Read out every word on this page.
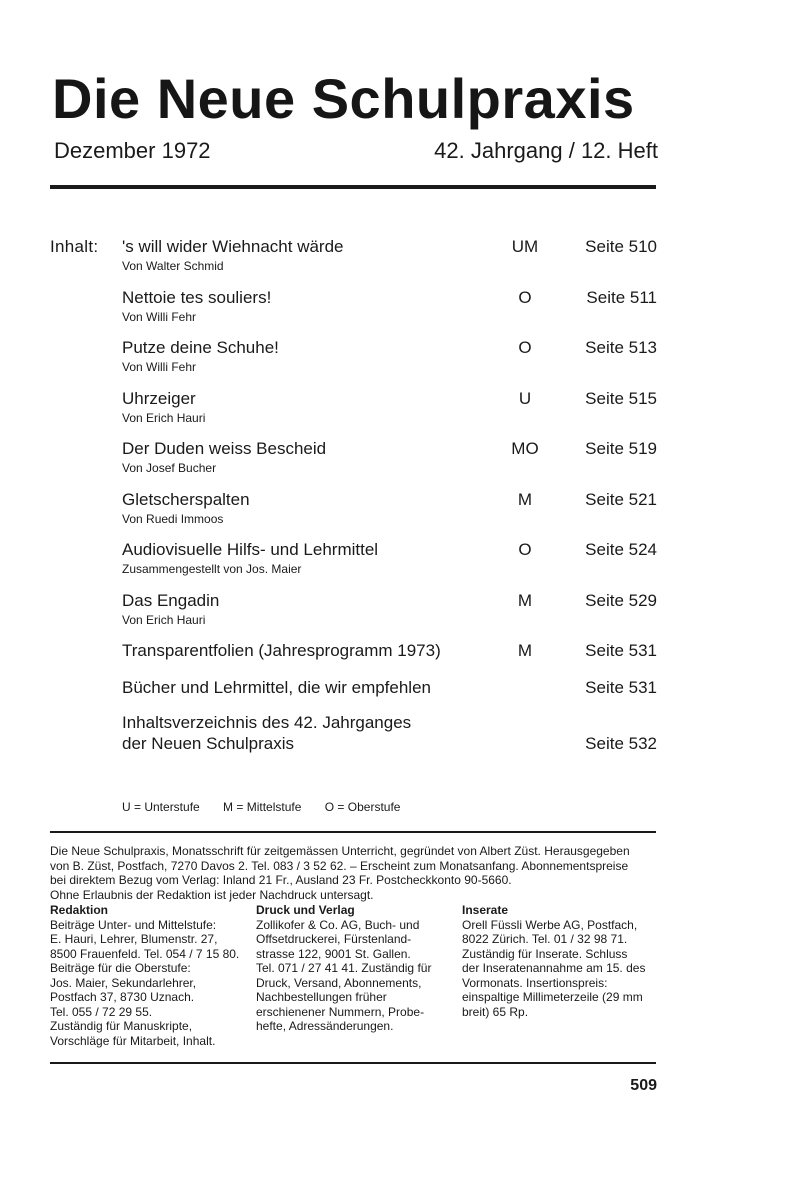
Die Neue Schulpraxis
Dezember 1972	42. Jahrgang / 12. Heft
Inhalt: 's will wider Wiehnacht wärde
Von Walter Schmid
UM	Seite 510
Nettoie tes souliers!
Von Willi Fehr
O	Seite 511
Putze deine Schuhe!
Von Willi Fehr
O	Seite 513
Uhrzeiger
Von Erich Hauri
U	Seite 515
Der Duden weiss Bescheid
Von Josef Bucher
MO	Seite 519
Gletscherspalten
Von Ruedi Immoos
M	Seite 521
Audiovisuelle Hilfs- und Lehrmittel
Zusammengestellt von Jos. Maier
O	Seite 524
Das Engadin
Von Erich Hauri
M	Seite 529
Transparentfolien (Jahresprogramm 1973)	M	Seite 531
Bücher und Lehrmittel, die wir empfehlen	Seite 531
Inhaltsverzeichnis des 42. Jahrganges
der Neuen Schulpraxis	Seite 532
U = Unterstufe M = Mittelstufe O = Oberstufe
Die Neue Schulpraxis, Monatsschrift für zeitgemässen Unterricht, gegründet von Albert Züst. Herausgegeben
von B. Züst, Postfach, 7270 Davos 2. Tel. 083 / 3 52 62. – Erscheint zum Monatsanfang. Abonnementspreise
bei direktem Bezug vom Verlag: Inland 21 Fr., Ausland 23 Fr. Postcheckkonto 90-5660.
Ohne Erlaubnis der Redaktion ist jeder Nachdruck untersagt.
Redaktion
Beiträge Unter- und Mittelstufe:
E. Hauri, Lehrer, Blumenstr. 27,
8500 Frauenfeld. Tel. 054 / 7 15 80.
Beiträge für die Oberstufe:
Jos. Maier, Sekundarlehrer,
Postfach 37, 8730 Uznach.
Tel. 055 / 72 29 55.
Zuständig für Manuskripte,
Vorschläge für Mitarbeit, Inhalt.
Druck und Verlag
Zollikofer & Co. AG, Buch- und
Offsetdruckerei, Fürstenland-
strasse 122, 9001 St. Gallen.
Tel. 071 / 27 41 41. Zuständig für
Druck, Versand, Abonnements,
Nachbestellungen früher
erschienener Nummern, Probe-
hefte, Adressänderungen.
Inserate
Orell Füssli Werbe AG, Postfach,
8022 Zürich. Tel. 01 / 32 98 71.
Zuständig für Inserate. Schluss
der Inseratenannahme am 15. des
Vormonats. Insertionspreis:
einspaltige Millimeterzeile (29 mm
breit) 65 Rp.
509
